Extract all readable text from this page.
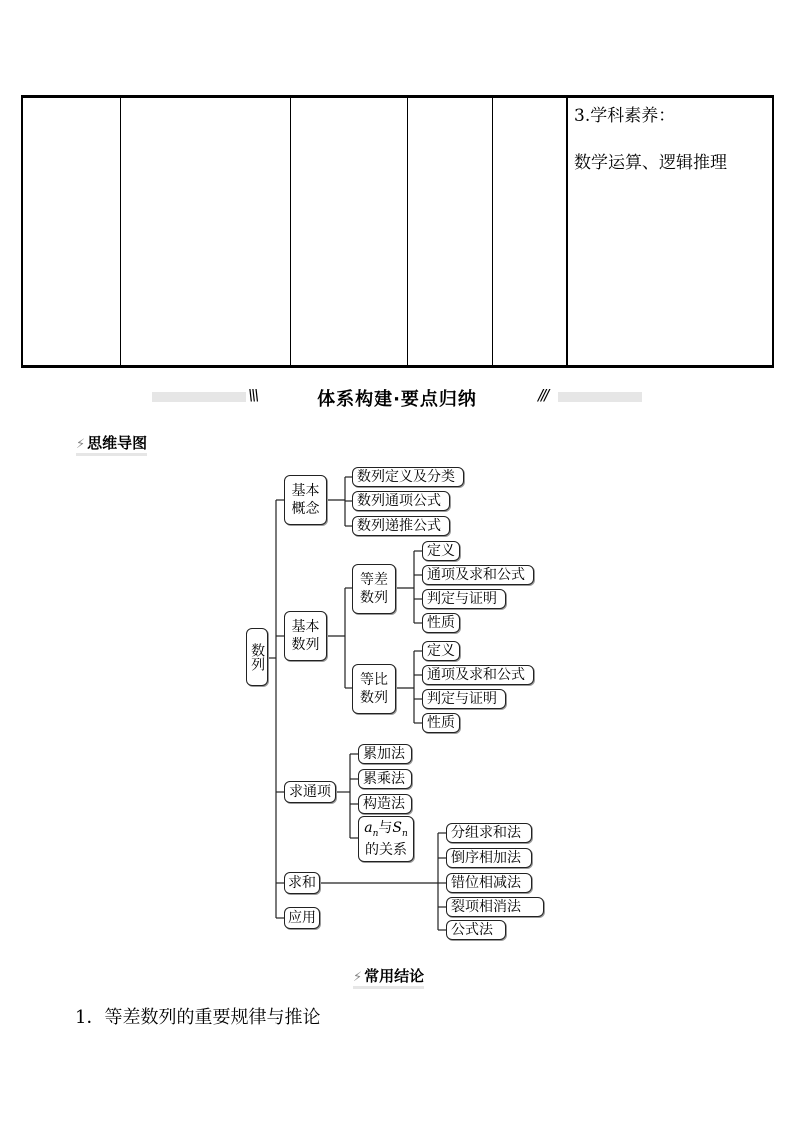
3.学科素养：
数学运算、逻辑推理
\\\	体系构建·要点归纳	///
⚡ 思维导图
数列
基本
概念
数列定义及分类
数列通项公式
数列递推公式
基本
数列
等差
数列
定义
通项及求和公式
判定与证明
性质
等比
数列
定义
通项及求和公式
判定与证明
性质
求通项
累加法
累乘法
构造法
$a_n$与$S_n$
的关系
求和
分组求和法
倒序相加法
错位相减法
裂项相消法
公式法
应用
⚡ 常用结论
1．等差数列的重要规律与推论
